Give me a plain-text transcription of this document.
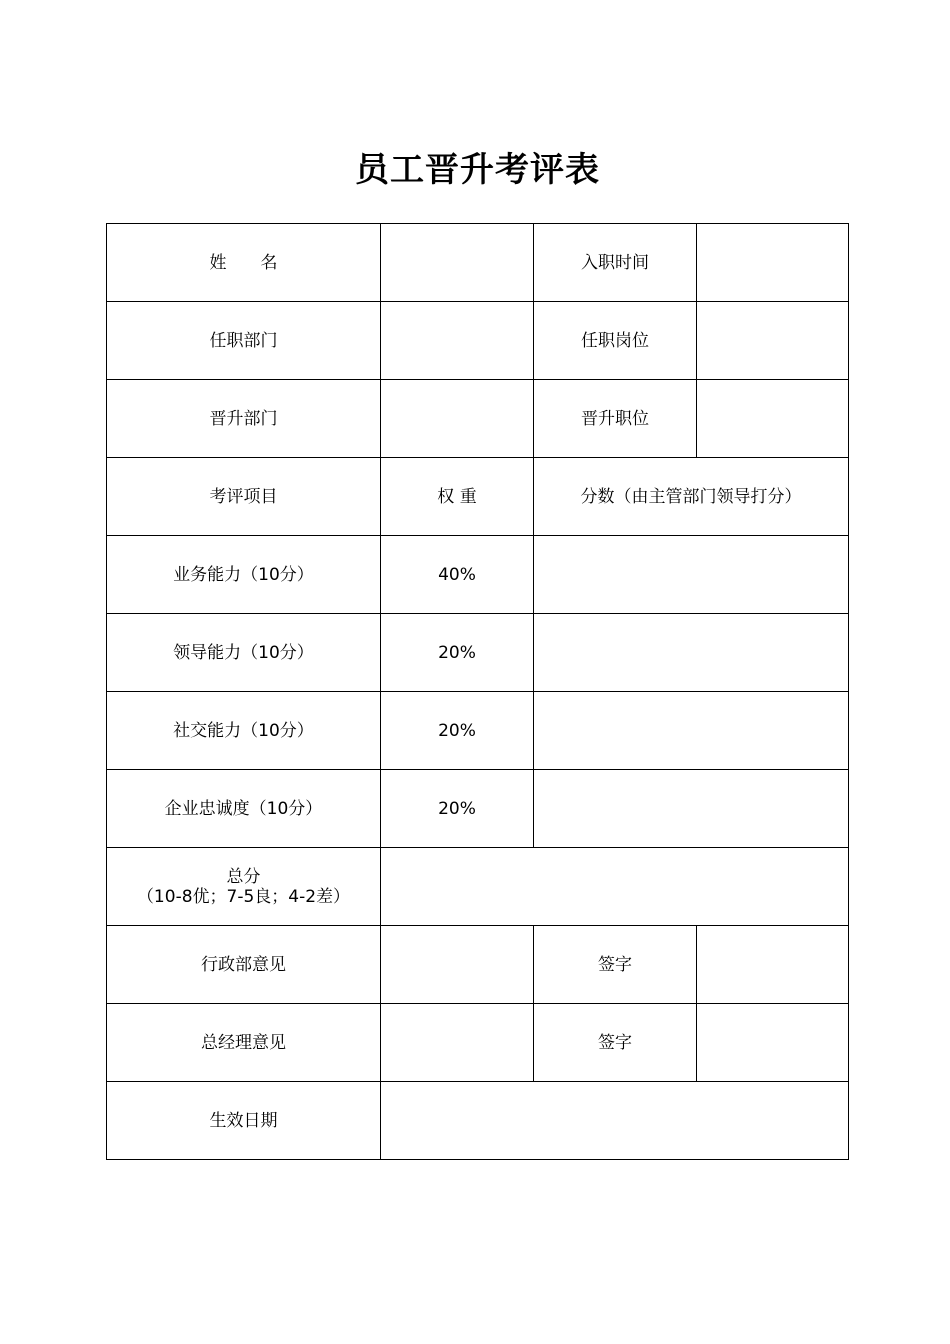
员工晋升考评表
姓　　名		入职时间	
任职部门		任职岗位	
晋升部门		晋升职位	
考评项目	权 重	分数（由主管部门领导打分）	
业务能力（10分）	40%		
领导能力（10分）	20%		
社交能力（10分）	20%		
企业忠诚度（10分）	20%		

总分
（10-8优；7-5良；4-2差）			

行政部意见		签字	
总经理意见		签字	
生效日期			
